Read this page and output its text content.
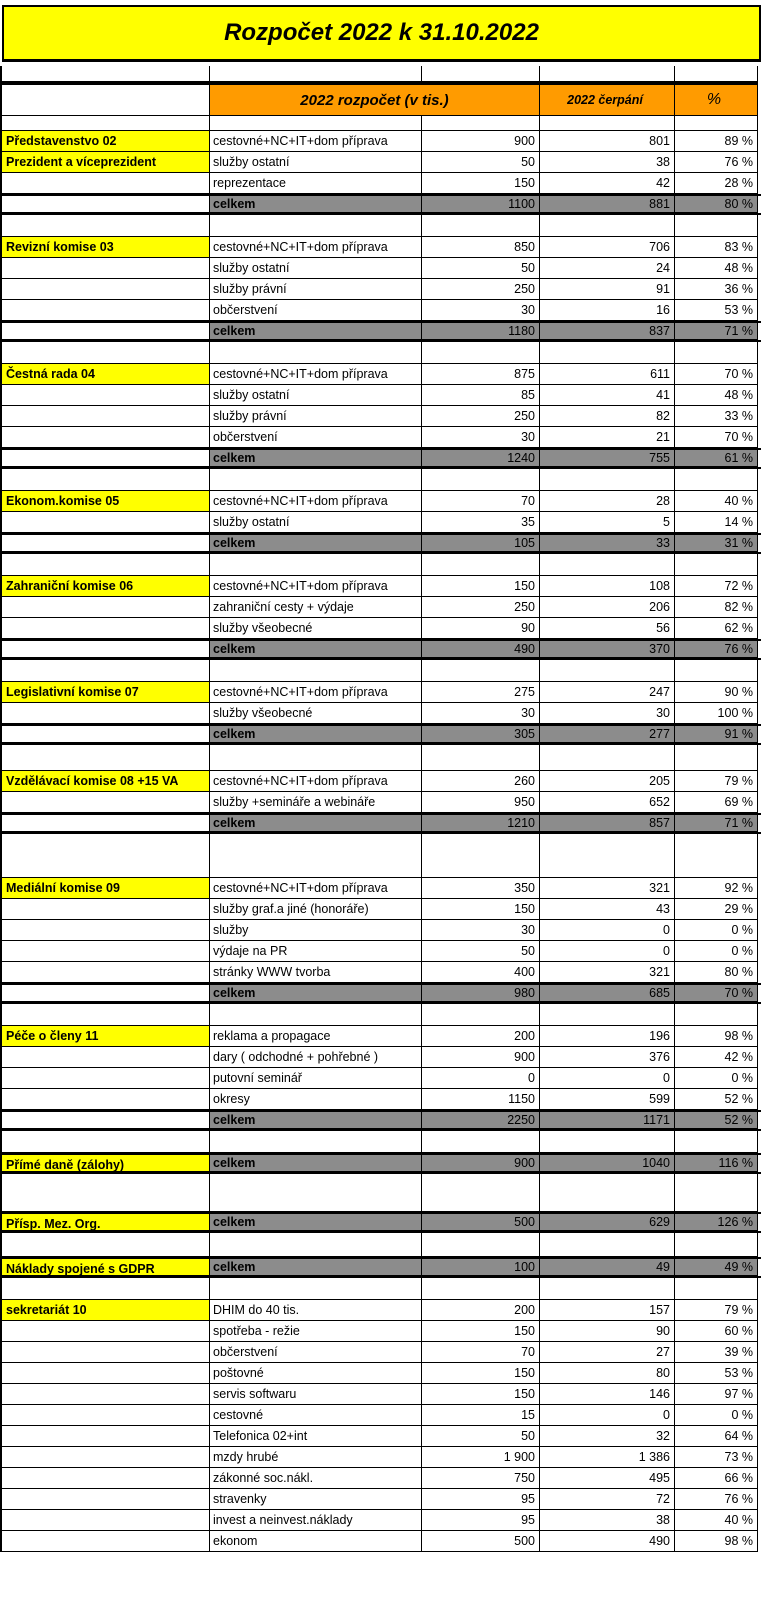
Rozpočet 2022 k 31.10.2022
2022 rozpočet (v tis.)	2022 čerpání	%
Představenstvo 02	cestovné+NC+IT+dom příprava	900	801	89 %
Prezident a víceprezident	služby ostatní	50	38	76 %
reprezentace	150	42	28 %
celkem	1100	881	80 %
Revizní komise 03	cestovné+NC+IT+dom příprava	850	706	83 %
služby ostatní	50	24	48 %
služby právní	250	91	36 %
občerstvení	30	16	53 %
celkem	1180	837	71 %
Čestná rada 04	cestovné+NC+IT+dom příprava	875	611	70 %
služby ostatní	85	41	48 %
služby právní	250	82	33 %
občerstvení	30	21	70 %
celkem	1240	755	61 %
Ekonom.komise 05	cestovné+NC+IT+dom příprava	70	28	40 %
služby ostatní	35	5	14 %
celkem	105	33	31 %
Zahraniční komise 06	cestovné+NC+IT+dom příprava	150	108	72 %
zahraniční cesty + výdaje	250	206	82 %
služby všeobecné	90	56	62 %
celkem	490	370	76 %
Legislativní komise 07	cestovné+NC+IT+dom příprava	275	247	90 %
služby všeobecné	30	30	100 %
celkem	305	277	91 %
Vzdělávací komise 08 +15 VA	cestovné+NC+IT+dom příprava	260	205	79 %
služby +semináře a webináře	950	652	69 %
celkem	1210	857	71 %
Mediální komise 09	cestovné+NC+IT+dom příprava	350	321	92 %
služby graf.a jiné (honoráře)	150	43	29 %
služby	30	0	0 %
výdaje na PR	50	0	0 %
stránky WWW tvorba	400	321	80 %
celkem	980	685	70 %
Péče o členy 11	reklama a propagace	200	196	98 %
dary ( odchodné + pohřebné )	900	376	42 %
putovní seminář	0	0	0 %
okresy	1150	599	52 %
celkem	2250	1171	52 %
Přímé daně (zálohy)	celkem	900	1040	116 %
Přísp. Mez. Org.	celkem	500	629	126 %
Náklady spojené s GDPR	celkem	100	49	49 %
sekretariát 10	DHIM do 40 tis.	200	157	79 %
spotřeba - režie	150	90	60 %
občerstvení	70	27	39 %
poštovné	150	80	53 %
servis softwaru	150	146	97 %
cestovné	15	0	0 %
Telefonica 02+int	50	32	64 %
mzdy hrubé	1 900	1 386	73 %
zákonné soc.nákl.	750	495	66 %
stravenky	95	72	76 %
invest a neinvest.náklady	95	38	40 %
ekonom	500	490	98 %
